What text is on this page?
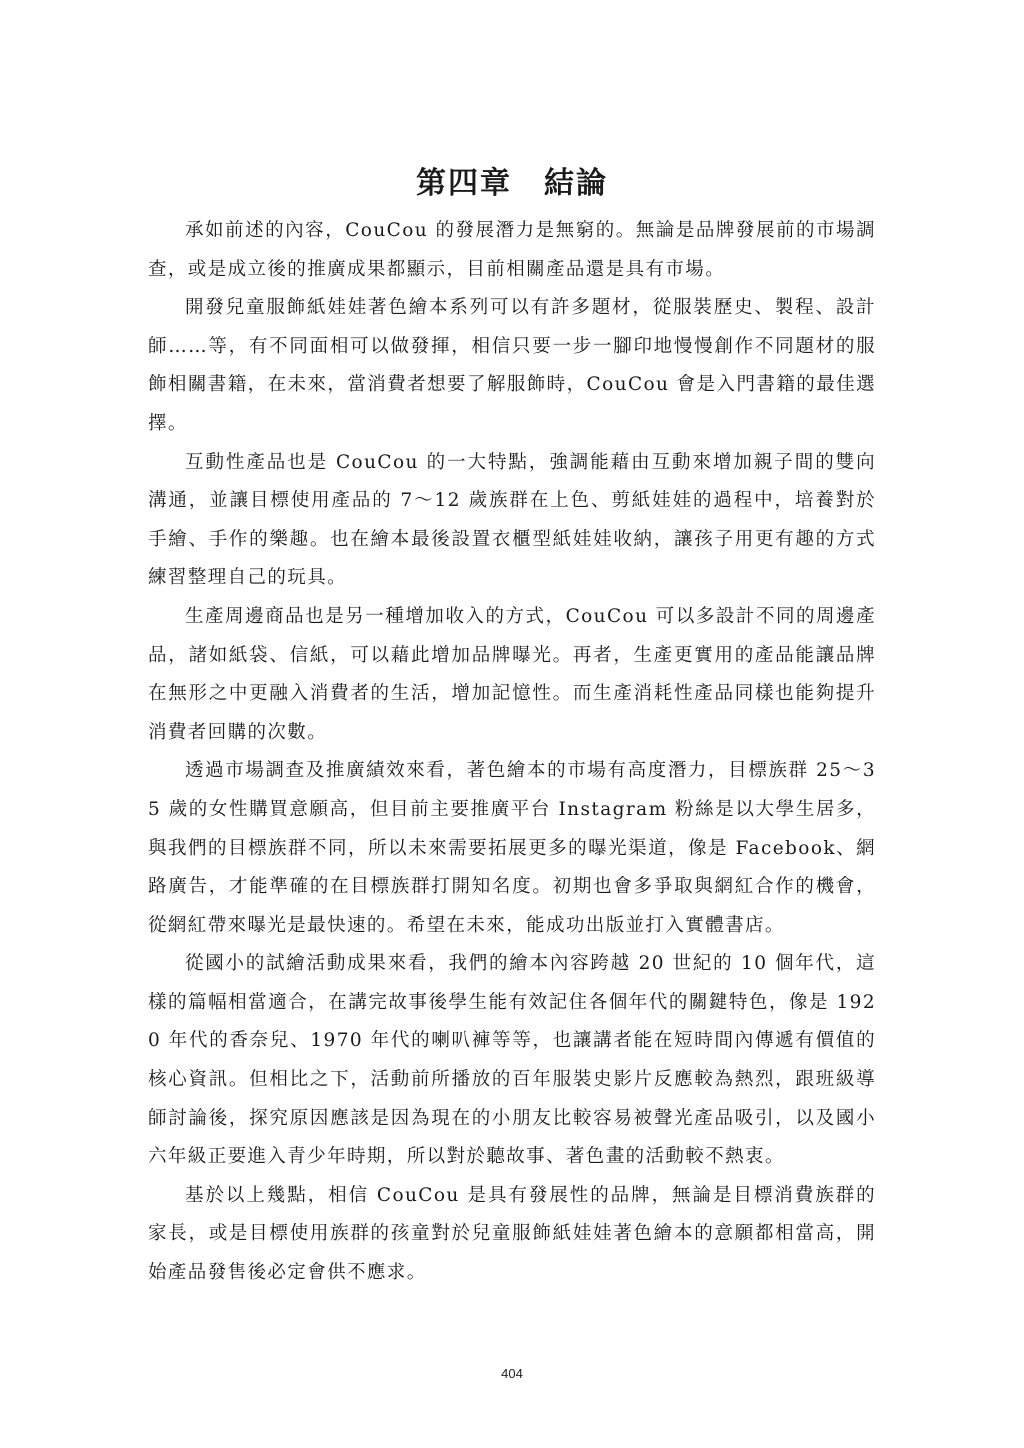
第四章　結論

承如前述的內容，CouCou 的發展潛力是無窮的。無論是品牌發展前的市場調查，或是成立後的推廣成果都顯示，目前相關產品還是具有市場。

開發兒童服飾紙娃娃著色繪本系列可以有許多題材，從服裝歷史、製程、設計師……等，有不同面相可以做發揮，相信只要一步一腳印地慢慢創作不同題材的服飾相關書籍，在未來，當消費者想要了解服飾時，CouCou 會是入門書籍的最佳選擇。

互動性產品也是 CouCou 的一大特點，強調能藉由互動來增加親子間的雙向溝通，並讓目標使用產品的 7～12 歲族群在上色、剪紙娃娃的過程中，培養對於手繪、手作的樂趣。也在繪本最後設置衣櫃型紙娃娃收納，讓孩子用更有趣的方式練習整理自己的玩具。

生產周邊商品也是另一種增加收入的方式，CouCou 可以多設計不同的周邊產品，諸如紙袋、信紙，可以藉此增加品牌曝光。再者，生產更實用的產品能讓品牌在無形之中更融入消費者的生活，增加記憶性。而生產消耗性產品同樣也能夠提升消費者回購的次數。

透過市場調查及推廣績效來看，著色繪本的市場有高度潛力，目標族群 25～35 歲的女性購買意願高，但目前主要推廣平台 Instagram 粉絲是以大學生居多，與我們的目標族群不同，所以未來需要拓展更多的曝光渠道，像是 Facebook、網路廣告，才能準確的在目標族群打開知名度。初期也會多爭取與網紅合作的機會，從網紅帶來曝光是最快速的。希望在未來，能成功出版並打入實體書店。

從國小的試繪活動成果來看，我們的繪本內容跨越 20 世紀的 10 個年代，這樣的篇幅相當適合，在講完故事後學生能有效記住各個年代的關鍵特色，像是 1920 年代的香奈兒、1970 年代的喇叭褲等等，也讓講者能在短時間內傳遞有價值的核心資訊。但相比之下，活動前所播放的百年服裝史影片反應較為熱烈，跟班級導師討論後，探究原因應該是因為現在的小朋友比較容易被聲光產品吸引，以及國小六年級正要進入青少年時期，所以對於聽故事、著色畫的活動較不熱衷。

基於以上幾點，相信 CouCou 是具有發展性的品牌，無論是目標消費族群的家長，或是目標使用族群的孩童對於兒童服飾紙娃娃著色繪本的意願都相當高，開始產品發售後必定會供不應求。

404
